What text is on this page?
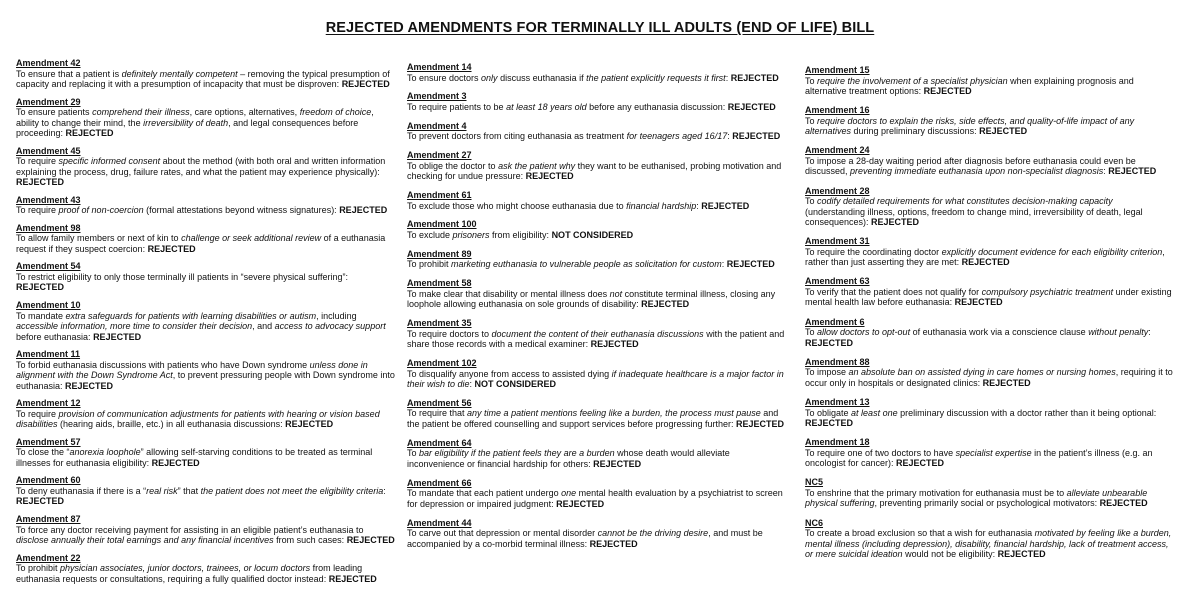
REJECTED AMENDMENTS FOR TERMINALLY ILL ADULTS (END OF LIFE) BILL
Amendment 42
To ensure that a patient is definitely mentally competent – removing the typical presumption of capacity and replacing it with a presumption of incapacity that must be disproven: REJECTED
Amendment 29
To ensure patients comprehend their illness, care options, alternatives, freedom of choice, ability to change their mind, the irreversibility of death, and legal consequences before proceeding: REJECTED
Amendment 45
To require specific informed consent about the method (with both oral and written information explaining the process, drug, failure rates, and what the patient may experience physically): REJECTED
Amendment 43
To require proof of non-coercion (formal attestations beyond witness signatures): REJECTED
Amendment 98
To allow family members or next of kin to challenge or seek additional review of a euthanasia request if they suspect coercion: REJECTED
Amendment 54
To restrict eligibility to only those terminally ill patients in “severe physical suffering”: REJECTED
Amendment 10
To mandate extra safeguards for patients with learning disabilities or autism, including accessible information, more time to consider their decision, and access to advocacy support before euthanasia: REJECTED
Amendment 11
To forbid euthanasia discussions with patients who have Down syndrome unless done in alignment with the Down Syndrome Act, to prevent pressuring people with Down syndrome into euthanasia: REJECTED
Amendment 12
To require provision of communication adjustments for patients with hearing or vision based disabilities (hearing aids, braille, etc.) in all euthanasia discussions: REJECTED
Amendment 57
To close the “anorexia loophole” allowing self-starving conditions to be treated as terminal illnesses for euthanasia eligibility: REJECTED
Amendment 60
To deny euthanasia if there is a “real risk” that the patient does not meet the eligibility criteria: REJECTED
Amendment 87
To force any doctor receiving payment for assisting in an eligible patient’s euthanasia to disclose annually their total earnings and any financial incentives from such cases: REJECTED
Amendment 22
To prohibit physician associates, junior doctors, trainees, or locum doctors from leading euthanasia requests or consultations, requiring a fully qualified doctor instead: REJECTED
Amendment 14
To ensure doctors only discuss euthanasia if the patient explicitly requests it first: REJECTED
Amendment 3
To require patients to be at least 18 years old before any euthanasia discussion: REJECTED
Amendment 4
To prevent doctors from citing euthanasia as treatment for teenagers aged 16/17: REJECTED
Amendment 27
To oblige the doctor to ask the patient why they want to be euthanised, probing motivation and checking for undue pressure: REJECTED
Amendment 61
To exclude those who might choose euthanasia due to financial hardship: REJECTED
Amendment 100
To exclude prisoners from eligibility: NOT CONSIDERED
Amendment 89
To prohibit marketing euthanasia to vulnerable people as solicitation for custom: REJECTED
Amendment 58
To make clear that disability or mental illness does not constitute terminal illness, closing any loophole allowing euthanasia on sole grounds of disability: REJECTED
Amendment 35
To require doctors to document the content of their euthanasia discussions with the patient and share those records with a medical examiner: REJECTED
Amendment 102
To disqualify anyone from access to assisted dying if inadequate healthcare is a major factor in their wish to die: NOT CONSIDERED
Amendment 56
To require that any time a patient mentions feeling like a burden, the process must pause and the patient be offered counselling and support services before progressing further: REJECTED
Amendment 64
To bar eligibility if the patient feels they are a burden whose death would alleviate inconvenience or financial hardship for others: REJECTED
Amendment 66
To mandate that each patient undergo one mental health evaluation by a psychiatrist to screen for depression or impaired judgment: REJECTED
Amendment 44
To carve out that depression or mental disorder cannot be the driving desire, and must be accompanied by a co-morbid terminal illness: REJECTED
Amendment 15
To require the involvement of a specialist physician when explaining prognosis and alternative treatment options: REJECTED
Amendment 16
To require doctors to explain the risks, side effects, and quality-of-life impact of any alternatives during preliminary discussions: REJECTED
Amendment 24
To impose a 28-day waiting period after diagnosis before euthanasia could even be discussed, preventing immediate euthanasia upon non-specialist diagnosis: REJECTED
Amendment 28
To codify detailed requirements for what constitutes decision-making capacity (understanding illness, options, freedom to change mind, irreversibility of death, legal consequences): REJECTED
Amendment 31
To require the coordinating doctor explicitly document evidence for each eligibility criterion, rather than just asserting they are met: REJECTED
Amendment 63
To verify that the patient does not qualify for compulsory psychiatric treatment under existing mental health law before euthanasia: REJECTED
Amendment 6
To allow doctors to opt-out of euthanasia work via a conscience clause without penalty: REJECTED
Amendment 88
To impose an absolute ban on assisted dying in care homes or nursing homes, requiring it to occur only in hospitals or designated clinics: REJECTED
Amendment 13
To obligate at least one preliminary discussion with a doctor rather than it being optional: REJECTED
Amendment 18
To require one of two doctors to have specialist expertise in the patient’s illness (e.g. an oncologist for cancer): REJECTED
NC5
To enshrine that the primary motivation for euthanasia must be to alleviate unbearable physical suffering, preventing primarily social or psychological motivators: REJECTED
NC6
To create a broad exclusion so that a wish for euthanasia motivated by feeling like a burden, mental illness (including depression), disability, financial hardship, lack of treatment access, or mere suicidal ideation would not be eligibility: REJECTED
